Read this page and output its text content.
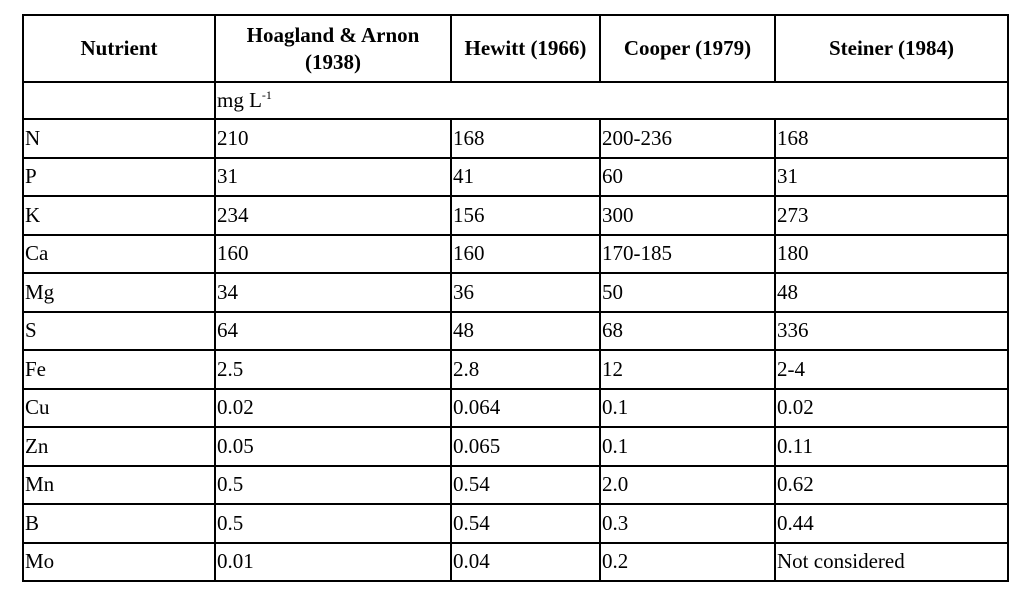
Nutrient	Hoagland & Arnon (1938)	Hewitt (1966)	Cooper (1979)	Steiner (1984)
	mg $L^{-1}$
N	210	168	200-236	168
P	31	41	60	31
K	234	156	300	273
Ca	160	160	170-185	180
Mg	34	36	50	48
S	64	48	68	336
Fe	2.5	2.8	12	2-4
Cu	0.02	0.064	0.1	0.02
Zn	0.05	0.065	0.1	0.11
Mn	0.5	0.54	2.0	0.62
B	0.5	0.54	0.3	0.44
Mo	0.01	0.04	0.2	Not considered
